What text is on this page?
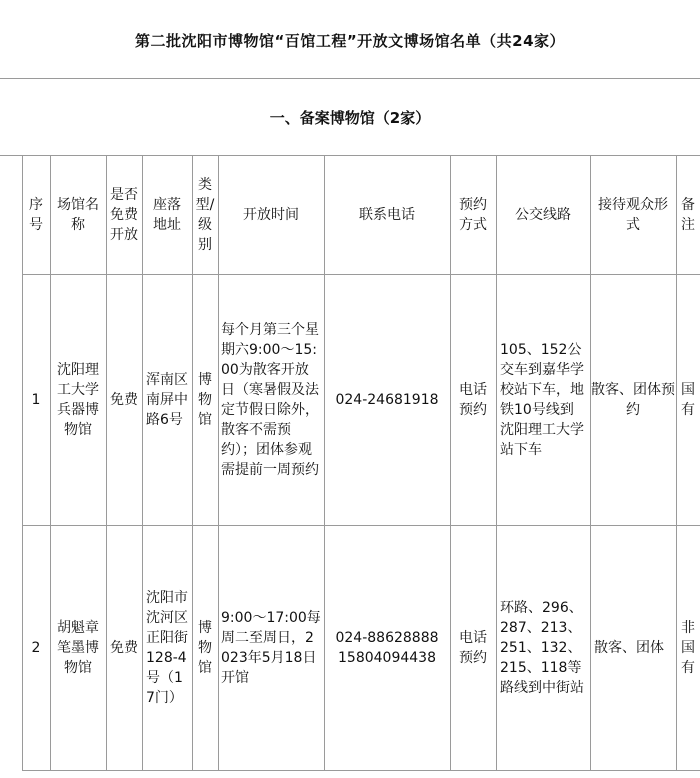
第二批沈阳市博物馆“百馆工程”开放文博场馆名单（共24家）
一、备案博物馆（2家）
序号
场馆名称
是否免费开放
座落地址
类型/级别
开放时间	联系电话
预约方式
公交线路
接待观众形式
备注
1
沈阳理工大学兵器博物馆
免费
浑南区南屏中路6号
博物馆
每个月第三个星期六9:00～15:00为散客开放日（寒暑假及法定节假日除外，散客不需预约）；团体参观需提前一周预约
024-24681918
电话预约
105、152公交车到嘉华学校站下车，地铁10号线到沈阳理工大学站下车
散客、团体预约
国有
2
胡魁章笔墨博物馆
免费
沈阳市沈河区正阳街128-4号（17门）
博物馆
9:00～17:00每周二至周日，2023年5月18日开馆
024-88628888
15804094438
电话预约
环路、296、287、213、251、132、215、118等路线到中街站
散客、团体
非国有
